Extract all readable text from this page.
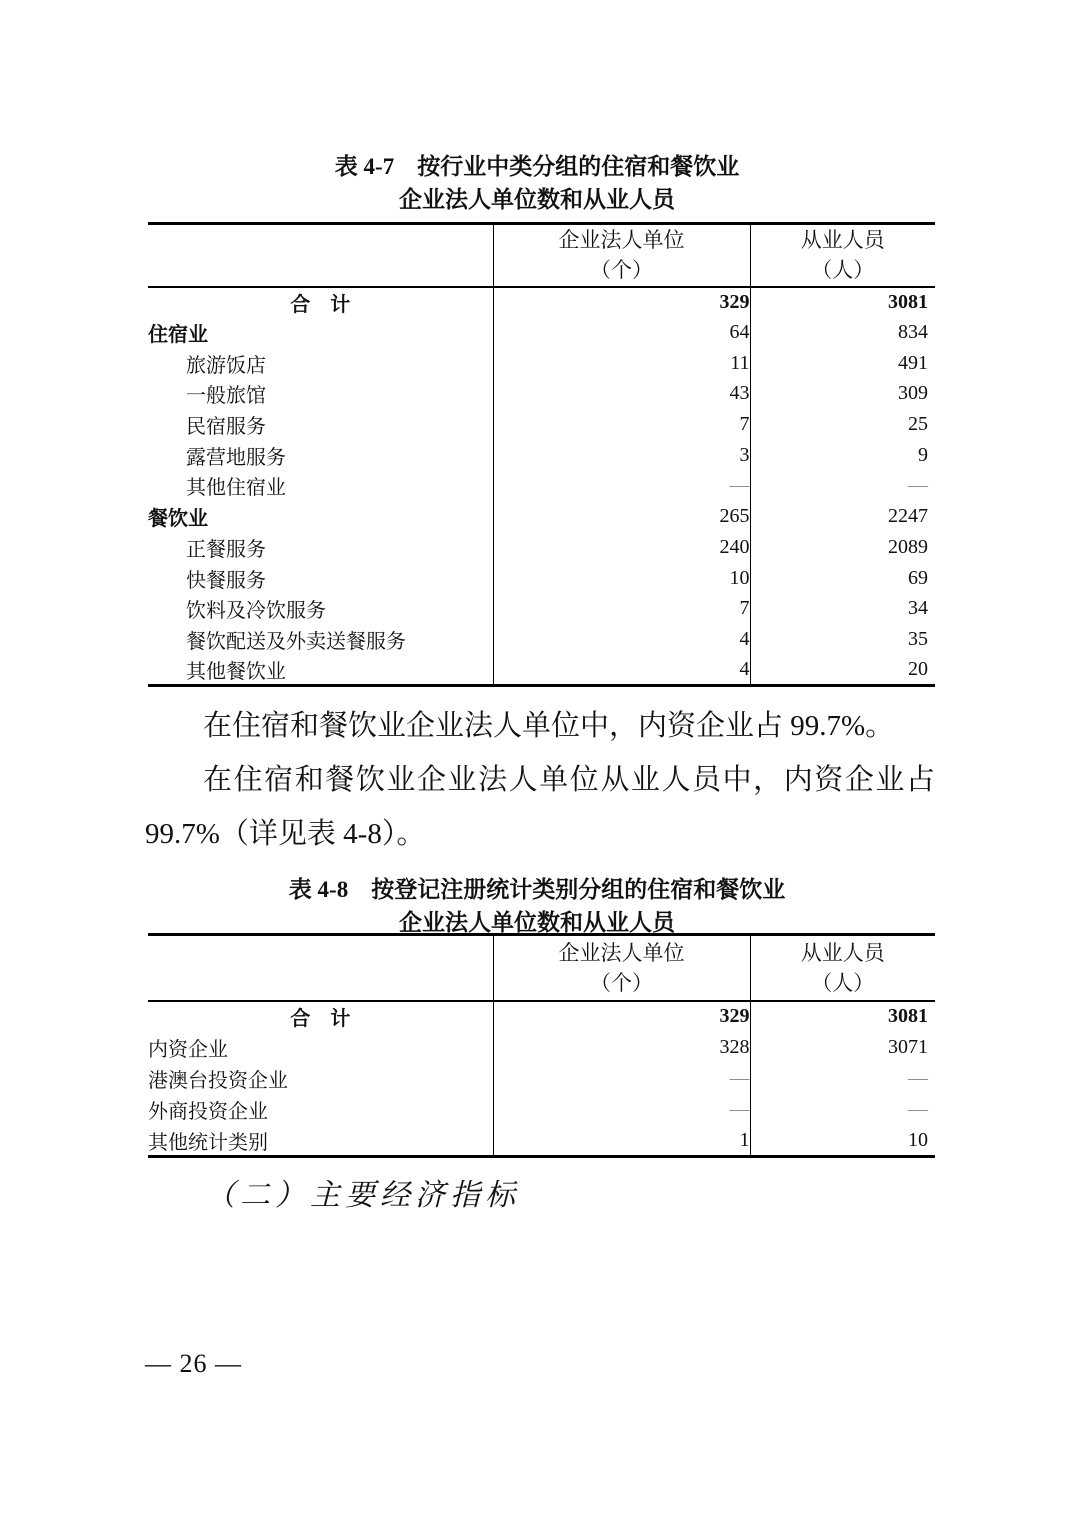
表 4-7　按行业中类分组的住宿和餐饮业
企业法人单位数和从业人员

企业法人单位
（个）

从业人员
（人）

合　计	329	3081
住宿业	64	834
旅游饭店	11	491
一般旅馆	43	309
民宿服务	7	25
露营地服务	3	9
其他住宿业	—	—
餐饮业	265	2247
正餐服务	240	2089
快餐服务	10	69
饮料及冷饮服务	7	34
餐饮配送及外卖送餐服务	4	35
其他餐饮业	4	20
在住宿和餐饮业企业法人单位中，内资企业占 99.7%。
在住宿和餐饮业企业法人单位从业人员中，内资企业占
99.7%（详见表 4-8）。
表 4-8　按登记注册统计类别分组的住宿和餐饮业
企业法人单位数和从业人员

企业法人单位
（个）

从业人员
（人）

合　计	329	3081
内资企业	328	3071
港澳台投资企业	—	—
外商投资企业	—	—
其他统计类别	1	10
（二）主要经济指标
— 26 —
